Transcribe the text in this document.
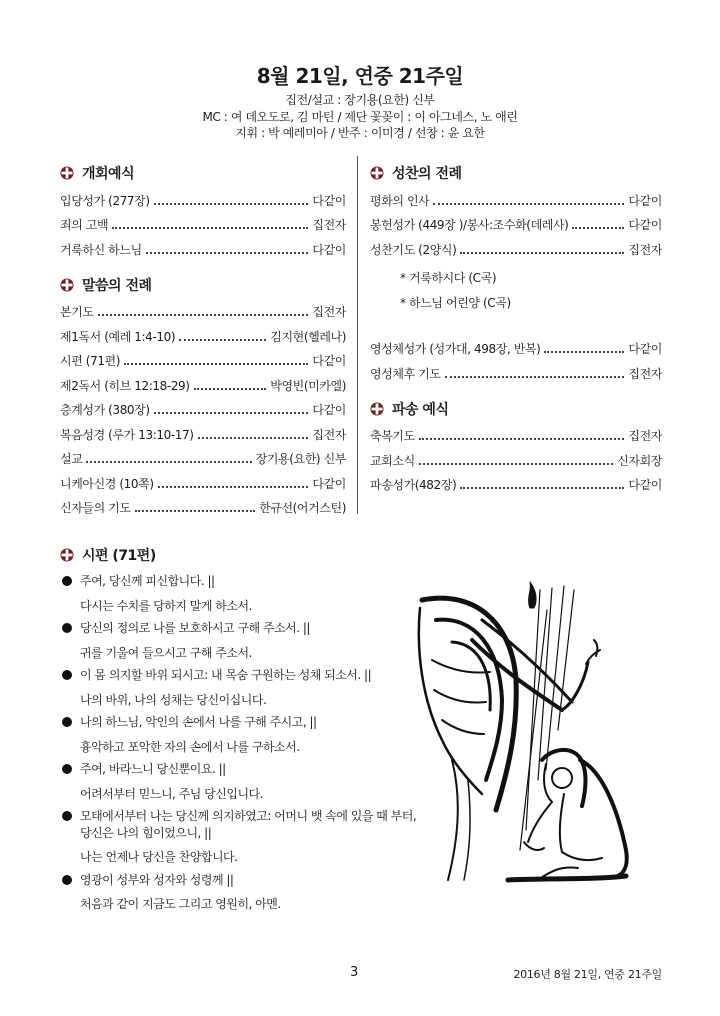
8월 21일, 연중 21주일
집전/설교 : 장기용(요한) 신부
MC : 여 데오도로, 김 마틴 / 제단 꽃꽂이 : 이 아그네스, 노 애린
지휘 : 박 예레미아 / 반주 : 이미경 / 선창 : 윤 요한
개회예식
입당성가 (277장)	다같이
죄의 고백	집전자
거룩하신 하느님	다같이
말씀의 전례
본기도	집전자
제1독서 (예레 1:4-10)	김지현(헬레나)
시편 (71편)	다같이
제2독서 (히브 12:18-29)	박영빈(미카엘)
층계성가 (380장)	다같이
복음성경 (루가 13:10-17)	집전자
설교	장기용(요한) 신부
니케아신경 (10쪽)	다같이
신자들의 기도	한규선(어거스틴)
성찬의 전례
평화의 인사	다같이
봉헌성가 (449장 )/봉사:조수화(데레사)	다같이
성찬기도 (2양식)	집전자
* 거룩하시다 (C곡)
* 하느님 어린양 (C곡)
영성체성가 (성가대, 498장, 반복)	다같이
영성체후 기도	집전자
파송 예식
축복기도	집전자
교회소식	신자회장
파송성가(482장)	다같이
시편 (71편)
주여, 당신께 피신합니다. ||
다시는 수치를 당하지 말게 하소서.
당신의 정의로 나를 보호하시고 구해 주소서. ||
귀를 기울여 들으시고 구해 주소서.
이 몸 의지할 바위 되시고: 내 목숨 구원하는 성채 되소서. ||
나의 바위, 나의 성채는 당신이십니다.
나의 하느님, 악인의 손에서 나를 구해 주시고, ||
흉악하고 포악한 자의 손에서 나를 구하소서.
주여, 바라느니 당신뿐이요. ||
어려서부터 믿느니, 주님 당신입니다.
모태에서부터 나는 당신께 의지하였고: 어머니 뱃 속에 있을 때 부터, 당신은 나의 힘이었으니, ||
나는 언제나 당신을 찬양합니다.
영광이 성부와 성자와 성령께 ||
처음과 같이 지금도 그리고 영원히, 아멘.
3	2016년 8월 21일, 연중 21주일
